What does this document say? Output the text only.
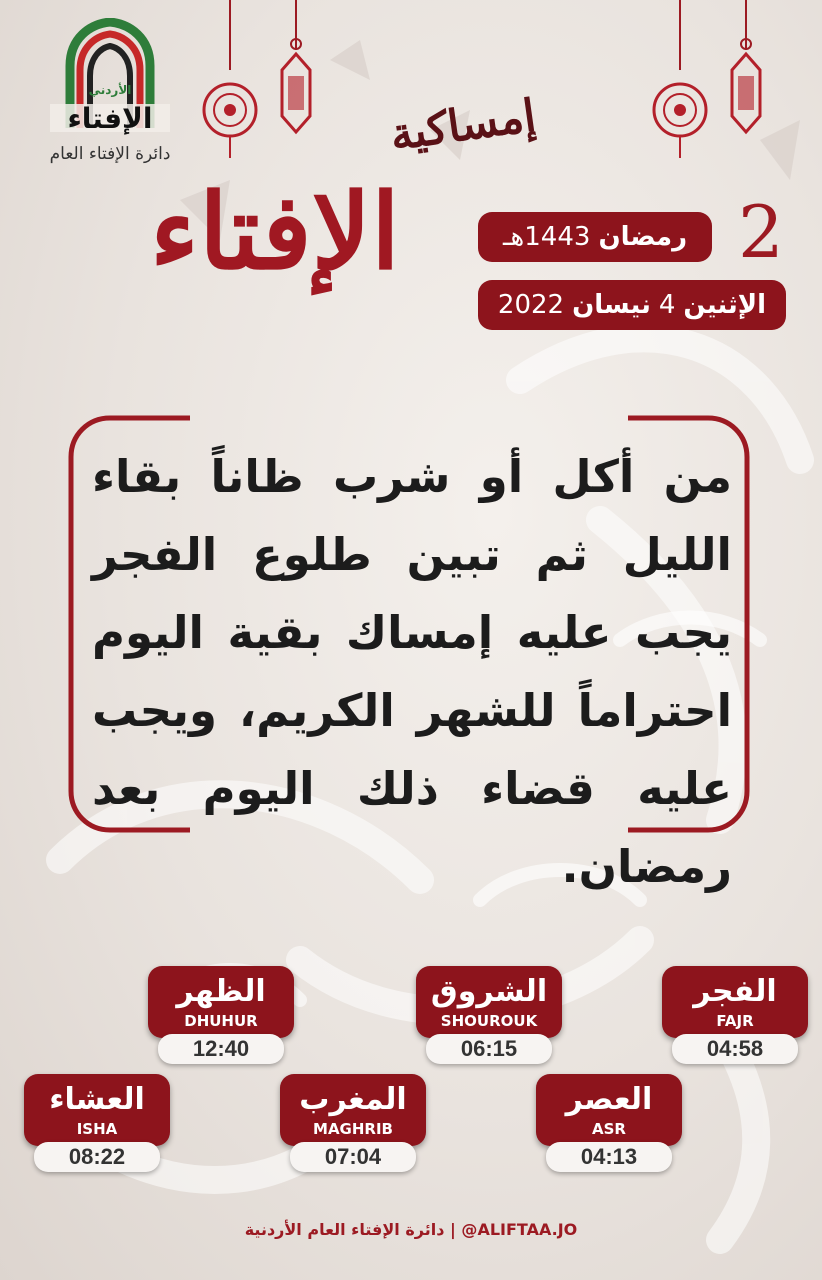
الأردني
الإفتاء
دائرة الإفتاء العام	إمساكية
الإفتاء	2
رمضان
1443هـ
الإثنين
4
نيسان
2022
من أكل أو شرب ظاناً بقاء الليل ثم تبين طلوع الفجر يجب عليه إمساك بقية اليوم احتراماً للشهر الكريم، ويجب عليه قضاء ذلك اليوم بعد رمضان.
الفجر
FAJR
04:58
الشروق
SHOUROUK
06:15
الظهر
DHUHUR
12:40
العصر
ASR
04:13
المغرب
MAGHRIB
07:04
العشاء
ISHA
08:22
ALIFTAA.JO@ | دائرة الإفتاء العام الأردنية
